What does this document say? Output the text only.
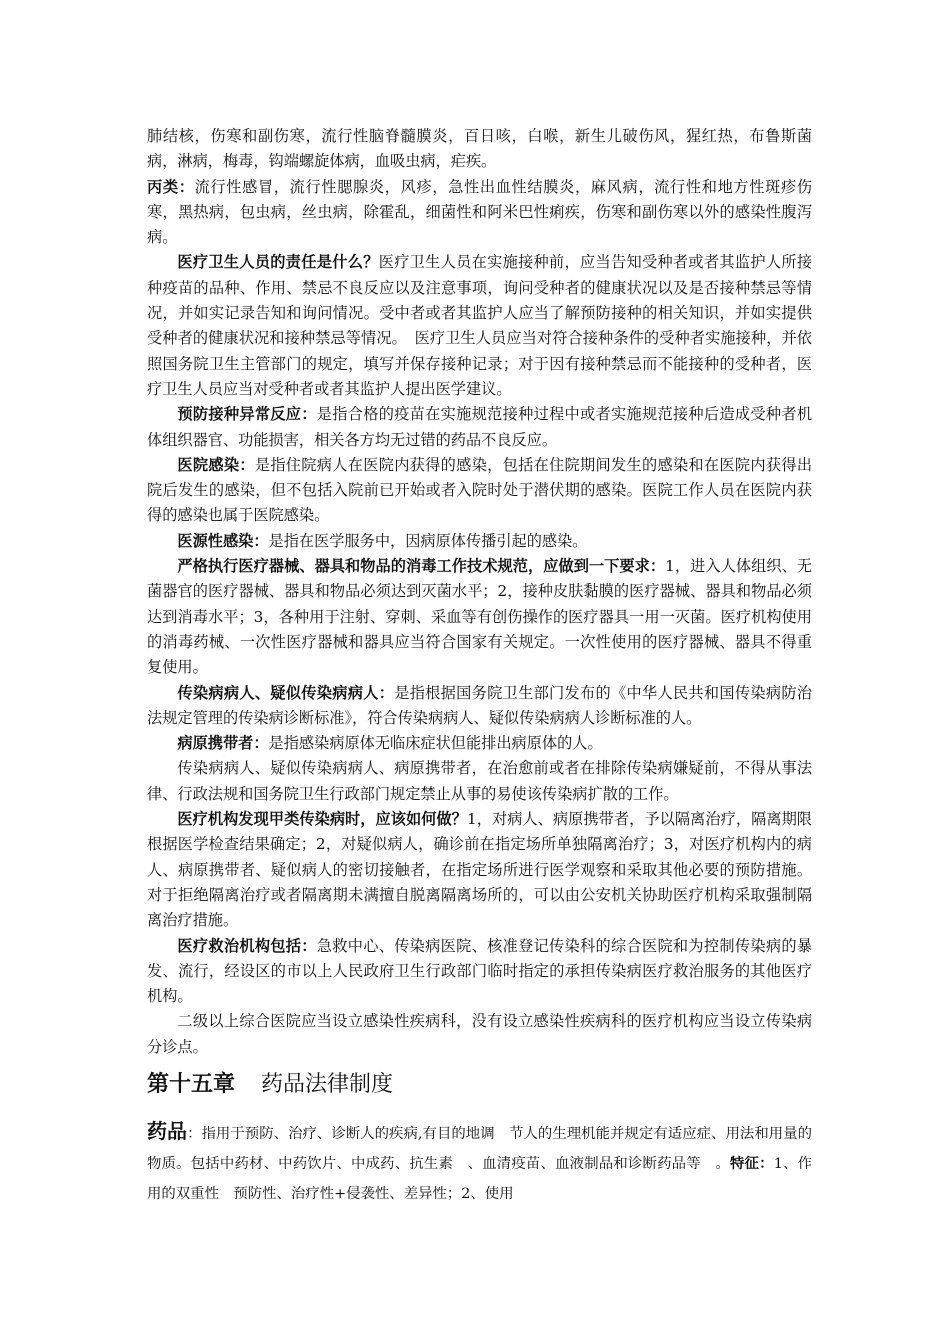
肺结核，伤寒和副伤寒，流行性脑脊髓膜炎，百日咳，白喉，新生儿破伤风，猩红热，布鲁斯菌病，淋病，梅毒，钩端螺旋体病，血吸虫病，疟疾。

丙类：流行性感冒，流行性腮腺炎，风疹，急性出血性结膜炎，麻风病，流行性和地方性斑疹伤寒，黑热病，包虫病，丝虫病，除霍乱，细菌性和阿米巴性痢疾，伤寒和副伤寒以外的感染性腹泻病。

医疗卫生人员的责任是什么？医疗卫生人员在实施接种前，应当告知受种者或者其监护人所接种疫苗的品种、作用、禁忌不良反应以及注意事项，询问受种者的健康状况以及是否接种禁忌等情况，并如实记录告知和询问情况。受中者或者其监护人应当了解预防接种的相关知识，并如实提供受种者的健康状况和接种禁忌等情况。　医疗卫生人员应当对符合接种条件的受种者实施接种，并依照国务院卫生主管部门的规定，填写并保存接种记录；对于因有接种禁忌而不能接种的受种者，医疗卫生人员应当对受种者或者其监护人提出医学建议。

预防接种异常反应：是指合格的疫苗在实施规范接种过程中或者实施规范接种后造成受种者机体组织器官、功能损害，相关各方均无过错的药品不良反应。

医院感染：是指住院病人在医院内获得的感染，包括在住院期间发生的感染和在医院内获得出院后发生的感染，但不包括入院前已开始或者入院时处于潜伏期的感染。医院工作人员在医院内获得的感染也属于医院感染。

医源性感染：是指在医学服务中，因病原体传播引起的感染。

严格执行医疗器械、器具和物品的消毒工作技术规范，应做到一下要求：1，进入人体组织、无菌器官的医疗器械、器具和物品必须达到灭菌水平；2，接种皮肤黏膜的医疗器械、器具和物品必须达到消毒水平；3，各种用于注射、穿刺、采血等有创伤操作的医疗器具一用一灭菌。医疗机构使用的消毒药械、一次性医疗器械和器具应当符合国家有关规定。一次性使用的医疗器械、器具不得重复使用。

传染病病人、疑似传染病病人：是指根据国务院卫生部门发布的《中华人民共和国传染病防治法规定管理的传染病诊断标准》，符合传染病病人、疑似传染病病人诊断标准的人。

病原携带者：是指感染病原体无临床症状但能排出病原体的人。

传染病病人、疑似传染病病人、病原携带者，在治愈前或者在排除传染病嫌疑前，不得从事法律、行政法规和国务院卫生行政部门规定禁止从事的易使该传染病扩散的工作。

医疗机构发现甲类传染病时，应该如何做？1，对病人、病原携带者，予以隔离治疗，隔离期限根据医学检查结果确定；2，对疑似病人，确诊前在指定场所单独隔离治疗；3，对医疗机构内的病人、病原携带者、疑似病人的密切接触者，在指定场所进行医学观察和采取其他必要的预防措施。对于拒绝隔离治疗或者隔离期未满擅自脱离隔离场所的，可以由公安机关协助医疗机构采取强制隔离治疗措施。

医疗救治机构包括：急救中心、传染病医院、核准登记传染科的综合医院和为控制传染病的暴发、流行，经设区的市以上人民政府卫生行政部门临时指定的承担传染病医疗救治服务的其他医疗机构。

二级以上综合医院应当设立感染性疾病科，没有设立感染性疾病科的医疗机构应当设立传染病分诊点。

第十五章 药品法律制度

药品：指用于预防、治疗、诊断人的疾病,有目的地调　节人的生理机能并规定有适应症、用法和用量的　物质。包括中药材、中药饮片、中成药、抗生素　、血清疫苗、血液制品和诊断药品等　。特征：1、作用的双重性　预防性、治疗性+侵袭性、差异性；2、使用
